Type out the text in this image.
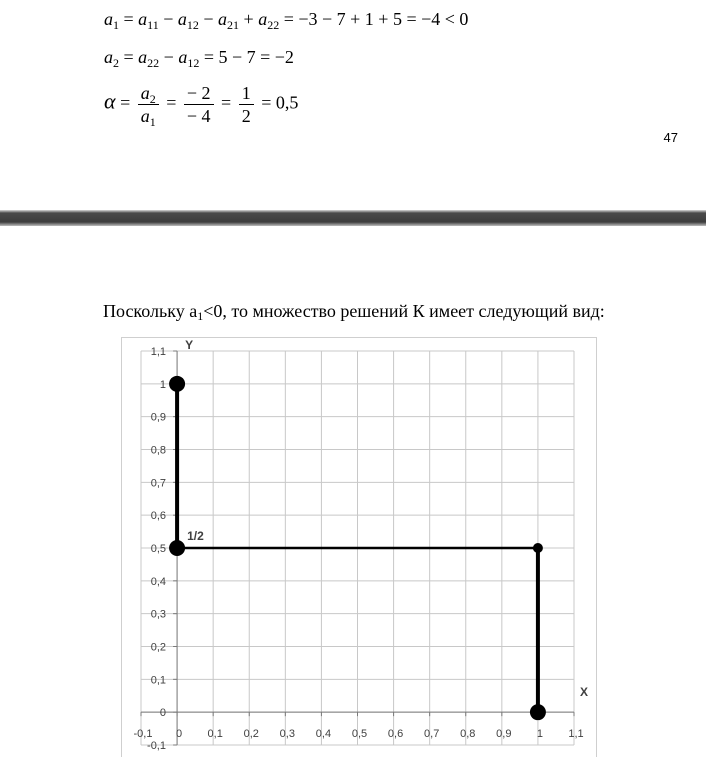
$a_1 = a_{11} - a_{12} - a_{21} + a_{22} = -3 - 7 + 1 + 5 = -4 < 0$
$a_2 = a_{22} - a_{12} = 5 - 7 = -2$
$\alpha = \frac{a_2}{a_1} = \frac{- 2}{- 4} = \frac{1}{2} = 0,5$
47
Поскольку $a_1<0$, то множество решений К имеет следующий вид:
-0,1
0
0,1
0,2
0,3
0,4
0,5
0,6
0,7
0,8
0,9
1
1,1
-0,1 0 0,1 0,2 0,3 0,4 0,5 0,6 0,7 0,8 0,9 1 1,1
Y
X
1/2
